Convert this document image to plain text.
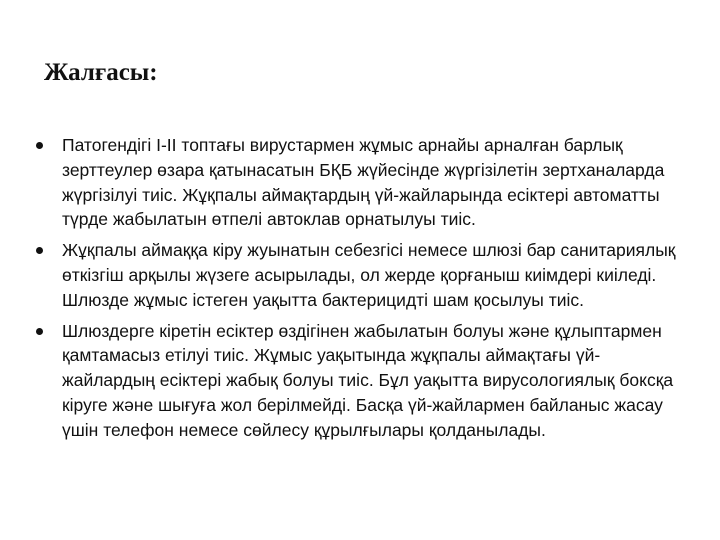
Жалғасы:
Патогендігі I-II топтағы вирустармен жұмыс арнайы арналған барлық зерттеулер өзара қатынасатын БҚБ жүйесінде жүргізілетін зертханаларда жүргізілуі тиіс. Жұқпалы аймақтардың үй-жайларында есіктері автоматты түрде жабылатын өтпелі автоклав орнатылуы тиіс.
Жұқпалы аймаққа кіру жуынатын себезгісі немесе шлюзі бар санитариялық өткізгіш арқылы жүзеге асырылады, ол жерде қорғаныш киімдері киіледі. Шлюзде жұмыс істеген уақытта бактерицидті шам қосылуы тиіс.
Шлюздерге кіретін есіктер өздігінен жабылатын болуы және құлыптармен қамтамасыз етілуі тиіс. Жұмыс уақытында жұқпалы аймақтағы үй-жайлардың есіктері жабық болуы тиіс. Бұл уақытта вирусологиялық боксқа кіруге және шығуға жол берілмейді. Басқа үй-жайлармен байланыс жасау үшін телефон немесе сөйлесу құрылғылары қолданылады.
